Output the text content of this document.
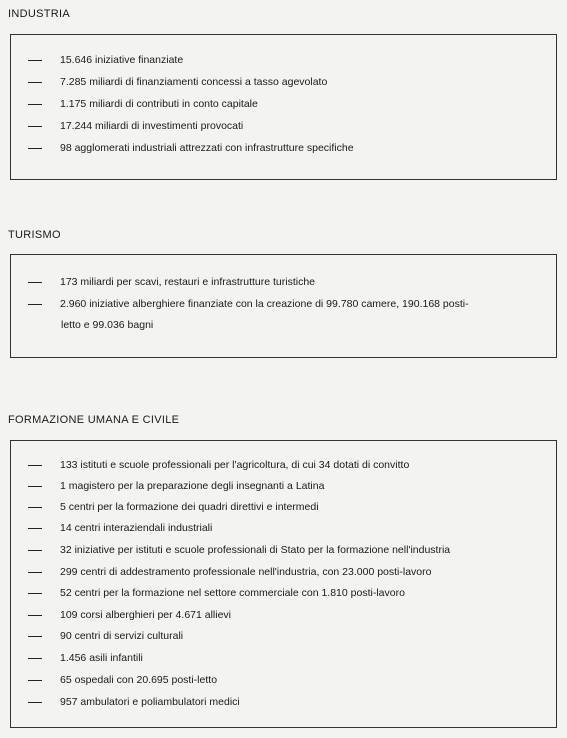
INDUSTRIA
15.646 iniziative finanziate
7.285 miliardi di finanziamenti concessi a tasso agevolato
1.175 miliardi di contributi in conto capitale
17.244 miliardi di investimenti provocati
98 agglomerati industriali attrezzati con infrastrutture specifiche
TURISMO
173 miliardi per scavi, restauri e infrastrutture turistiche
2.960 iniziative alberghiere finanziate con la creazione di 99.780 camere, 190.168 posti-
letto e 99.036 bagni
FORMAZIONE UMANA E CIVILE
133 istituti e scuole professionali per l'agricoltura, di cui 34 dotati di convitto
1 magistero per la preparazione degli insegnanti a Latina
5 centri per la formazione dei quadri direttivi e intermedi
14 centri interaziendali industriali
32 iniziative per istituti e scuole professionali di Stato per la formazione nell'industria
299 centri di addestramento professionale nell'industria, con 23.000 posti-lavoro
52 centri per la formazione nel settore commerciale con 1.810 posti-lavoro
109 corsi alberghieri per 4.671 allievi
90 centri di servizi culturali
1.456 asili infantili
65 ospedali con 20.695 posti-letto
957 ambulatori e poliambulatori medici
